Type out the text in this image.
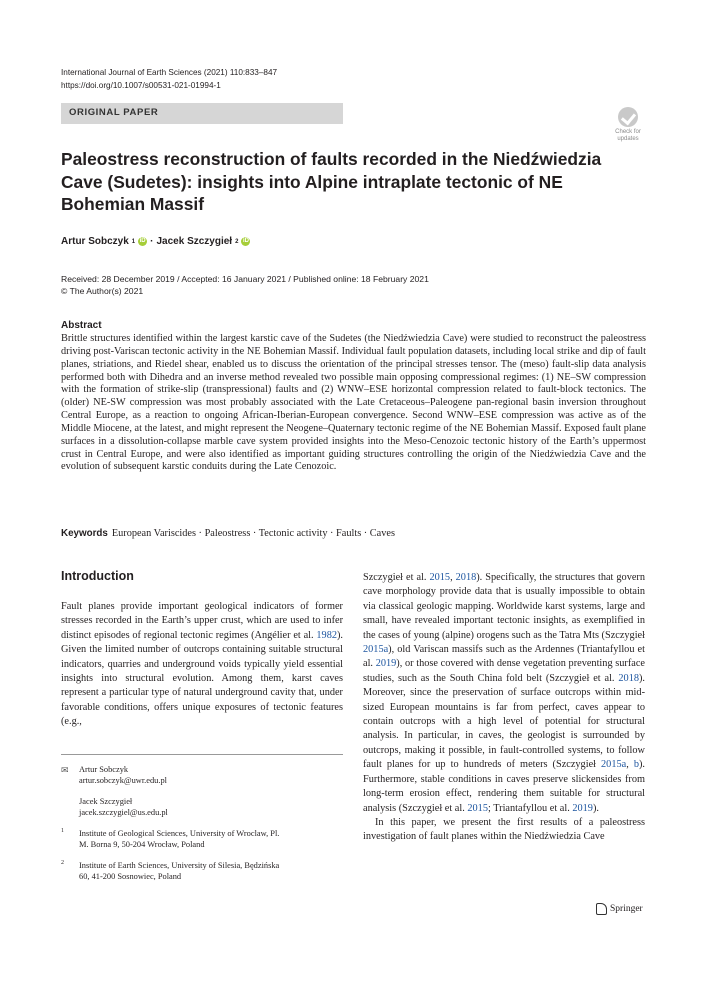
International Journal of Earth Sciences (2021) 110:833–847
https://doi.org/10.1007/s00531-021-01994-1
ORIGINAL PAPER
Check for updates
Paleostress reconstruction of faults recorded in the Niedźwiedzia Cave (Sudetes): insights into Alpine intraplate tectonic of NE Bohemian Massif
Artur Sobczyk 1 iD · Jacek Szczygieł 2 iD
Received: 28 December 2019 / Accepted: 16 January 2021 / Published online: 18 February 2021
© The Author(s) 2021
Abstract
Brittle structures identified within the largest karstic cave of the Sudetes (the Niedźwiedzia Cave) were studied to reconstruct the paleostress driving post-Variscan tectonic activity in the NE Bohemian Massif. Individual fault population datasets, including local strike and dip of fault planes, striations, and Riedel shear, enabled us to discuss the orientation of the principal stresses tensor. The (meso) fault-slip data analysis performed both with Dihedra and an inverse method revealed two possible main opposing compressional regimes: (1) NE–SW compression with the formation of strike-slip (transpressional) faults and (2) WNW–ESE horizontal compression related to fault-block tectonics. The (older) NE-SW compression was most probably associated with the Late Cretaceous–Paleogene pan-regional basin inversion throughout Central Europe, as a reaction to ongoing African-Iberian-European convergence. Second WNW–ESE compression was active as of the Middle Miocene, at the latest, and might represent the Neogene–Quaternary tectonic regime of the NE Bohemian Massif. Exposed fault plane surfaces in a dissolution-collapse marble cave system provided insights into the Meso-Cenozoic tectonic history of the Earth’s uppermost crust in Central Europe, and were also identified as important guiding structures controlling the origin of the Niedźwiedzia Cave and the evolution of subsequent karstic conduits during the Late Cenozoic.
Keywords European Variscides · Paleostress · Tectonic activity · Faults · Caves
Introduction

Fault planes provide important geological indicators of former stresses recorded in the Earth’s upper crust, which are used to infer distinct episodes of regional tectonic regimes (Angélier et al. 1982). Given the limited number of outcrops containing suitable structural indicators, quarries and underground voids typically yield essential insights into structural evolution. Among them, karst caves represent a particular type of natural underground cavity that, under favorable conditions, offers unique exposures of tectonic features (e.g.,

Szczygieł et al. 2015, 2018). Specifically, the structures that govern cave morphology provide data that is usually impossible to obtain via classical geologic mapping. Worldwide karst systems, large and small, have revealed important tectonic insights, as exemplified in the cases of young (alpine) orogens such as the Tatra Mts (Szczygieł 2015a), old Variscan massifs such as the Ardennes (Triantafyllou et al. 2019), or those covered with dense vegetation preventing surface studies, such as the South China fold belt (Szczygieł et al. 2018). Moreover, since the preservation of surface outcrops within mid-sized European mountains is far from perfect, caves appear to contain outcrops with a high level of potential for structural analysis. In particular, in caves, the geologist is surrounded by outcrops, making it possible, in fault-controlled systems, to follow fault planes for up to hundreds of meters (Szczygieł 2015a, b). Furthermore, stable conditions in caves preserve slickensides from long-term erosion effect, rendering them suitable for structural analysis (Szczygieł et al. 2015; Triantafyllou et al. 2019).

In this paper, we present the first results of a paleostress investigation of fault planes within the Niedźwiedzia Cave

✉ Artur Sobczyk
artur.sobczyk@uwr.edu.pl
Jacek Szczygieł
jacek.szczygiel@us.edu.pl
1 Institute of Geological Sciences, University of Wroclaw, Pl.
M. Borna 9, 50-204 Wrocław, Poland
2 Institute of Earth Sciences, University of Silesia, Będzińska
60, 41-200 Sosnowiec, Poland
Springer
